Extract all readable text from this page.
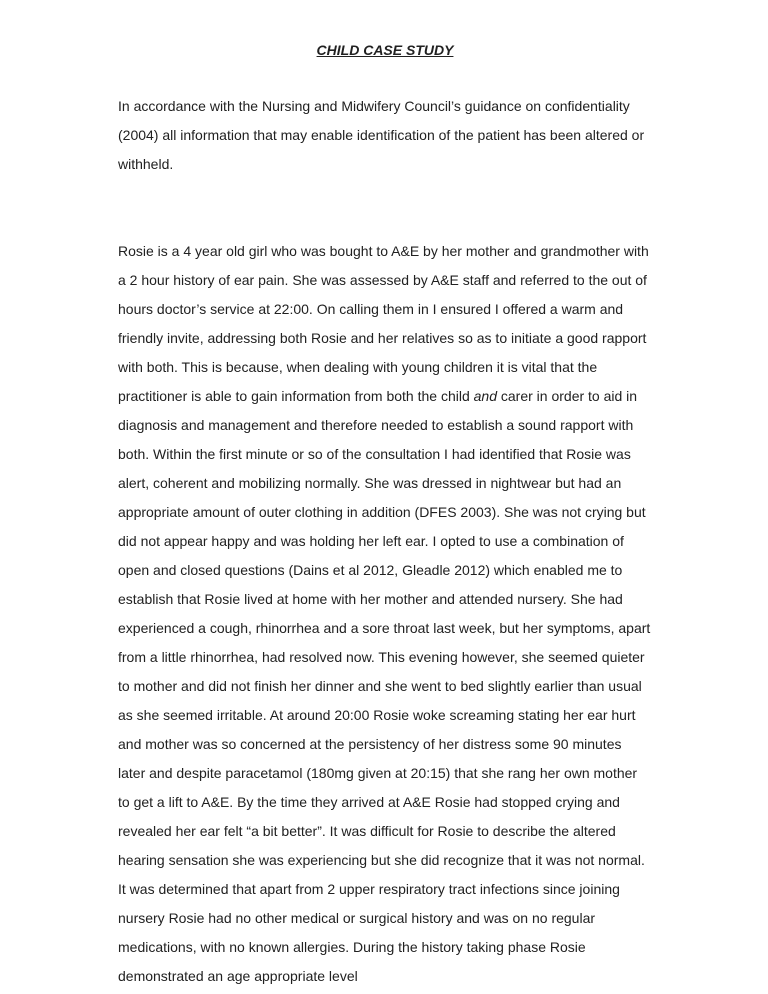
CHILD CASE STUDY

In accordance with the Nursing and Midwifery Council’s guidance on confidentiality (2004) all information that may enable identification of the patient has been altered or withheld.

Rosie is a 4 year old girl who was bought to A&E by her mother and grandmother with a 2 hour history of ear pain. She was assessed by A&E staff and referred to the out of hours doctor’s service at 22:00. On calling them in I ensured I offered a warm and friendly invite, addressing both Rosie and her relatives so as to initiate a good rapport with both. This is because, when dealing with young children it is vital that the practitioner is able to gain information from both the child and carer in order to aid in diagnosis and management and therefore needed to establish a sound rapport with both. Within the first minute or so of the consultation I had identified that Rosie was alert, coherent and mobilizing normally. She was dressed in nightwear but had an appropriate amount of outer clothing in addition (DFES 2003). She was not crying but did not appear happy and was holding her left ear. I opted to use a combination of open and closed questions (Dains et al 2012, Gleadle 2012) which enabled me to establish that Rosie lived at home with her mother and attended nursery. She had experienced a cough, rhinorrhea and a sore throat last week, but her symptoms, apart from a little rhinorrhea, had resolved now. This evening however, she seemed quieter to mother and did not finish her dinner and she went to bed slightly earlier than usual as she seemed irritable. At around 20:00 Rosie woke screaming stating her ear hurt and mother was so concerned at the persistency of her distress some 90 minutes later and despite paracetamol (180mg given at 20:15) that she rang her own mother to get a lift to A&E. By the time they arrived at A&E Rosie had stopped crying and revealed her ear felt “a bit better”. It was difficult for Rosie to describe the altered hearing sensation she was experiencing but she did recognize that it was not normal. It was determined that apart from 2 upper respiratory tract infections since joining nursery Rosie had no other medical or surgical history and was on no regular medications, with no known allergies. During the history taking phase Rosie demonstrated an age appropriate level
